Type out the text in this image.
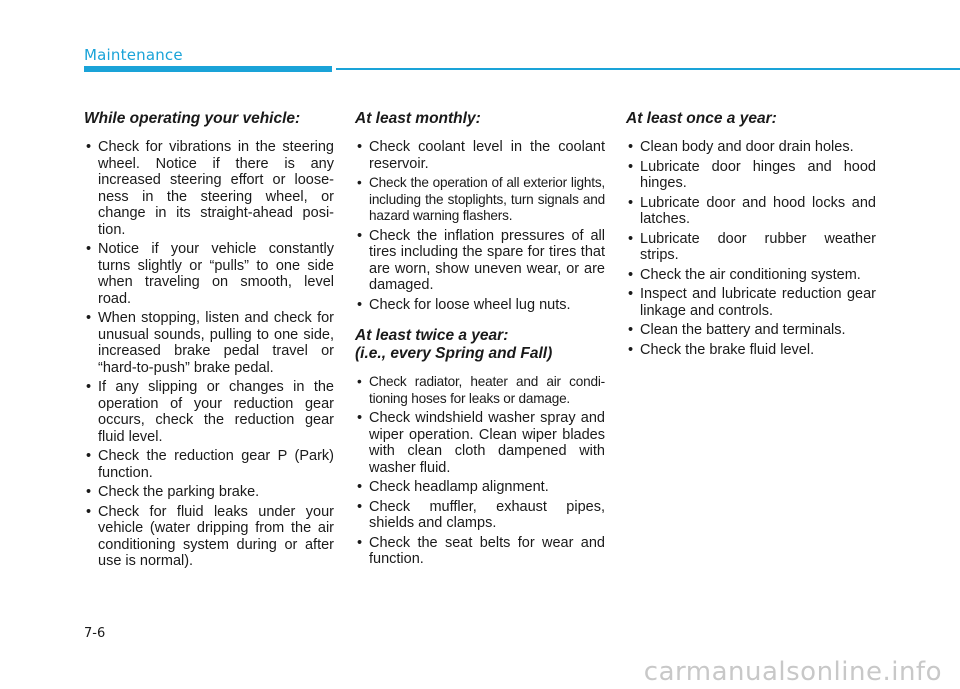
Maintenance
While operating your vehicle:
• Check for vibrations in the steering wheel. Notice if there is any increased steering effort or loose-ness in the steering wheel, or change in its straight-ahead posi-tion.
• Notice if your vehicle constantly turns slightly or “pulls” to one side when traveling on smooth, level road.
• When stopping, listen and check for unusual sounds, pulling to one side, increased brake pedal travel or “hard-to-push” brake pedal.
• If any slipping or changes in the operation of your reduction gear occurs, check the reduction gear fluid level.
• Check the reduction gear P (Park) function.
• Check the parking brake.
• Check for fluid leaks under your vehicle (water dripping from the air conditioning system during or after use is normal).
At least monthly:
• Check coolant level in the coolant reservoir.
• Check the operation of all exterior lights, including the stoplights, turn signals and hazard warning flashers.
• Check the inflation pressures of all tires including the spare for tires that are worn, show uneven wear, or are damaged.
• Check for loose wheel lug nuts.
At least twice a year:
(i.e., every Spring and Fall)
• Check radiator, heater and air condi-tioning hoses for leaks or damage.
• Check windshield washer spray and wiper operation. Clean wiper blades with clean cloth dampened with washer fluid.
• Check headlamp alignment.
• Check muffler, exhaust pipes, shields and clamps.
• Check the seat belts for wear and function.
At least once a year:
• Clean body and door drain holes.
• Lubricate door hinges and hood hinges.
• Lubricate door and hood locks and latches.
• Lubricate door rubber weather strips.
• Check the air conditioning system.
• Inspect and lubricate reduction gear linkage and controls.
• Clean the battery and terminals.
• Check the brake fluid level.
7-6
carmanualsonline.info
